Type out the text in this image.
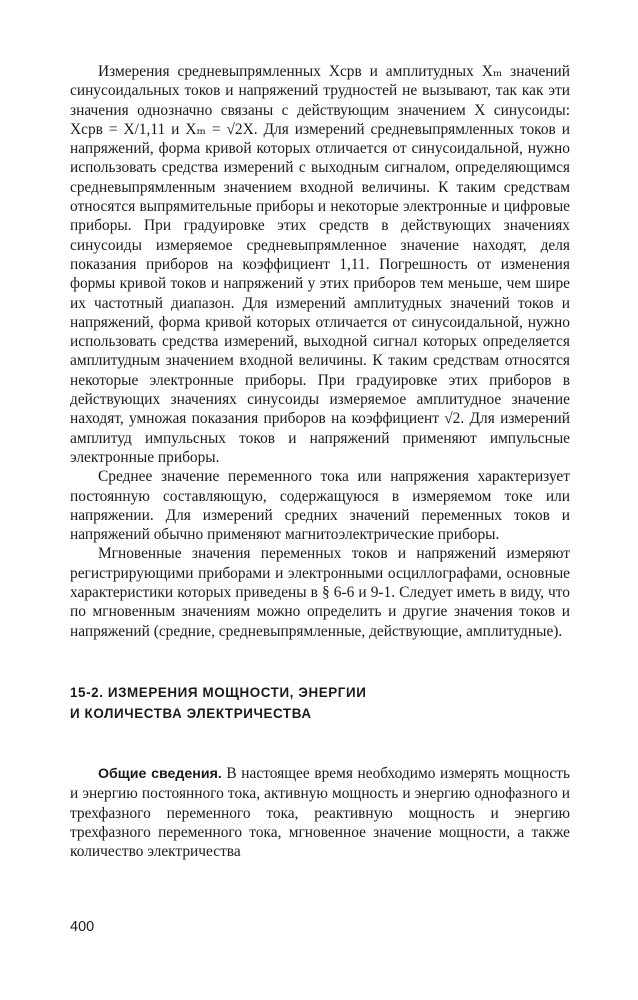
Измерения средневыпрямленных Xсрв и амплитудных Xₘ значений синусоидальных токов и напряжений трудностей не вызывают, так как эти значения однозначно связаны с действующим значением X синусоиды: Xсрв = X/1,11 и Xₘ = √2X. Для измерений средневыпрямленных токов и напряжений, форма кривой которых отличается от синусоидальной, нужно использовать средства измерений с выходным сигналом, определяющимся средневыпрямленным значением входной величины. К таким средствам относятся выпрямительные приборы и некоторые электронные и цифровые приборы. При градуировке этих средств в действующих значениях синусоиды измеряемое средневыпрямленное значение находят, деля показания приборов на коэффициент 1,11. Погрешность от изменения формы кривой токов и напряжений у этих приборов тем меньше, чем шире их частотный диапазон. Для измерений амплитудных значений токов и напряжений, форма кривой которых отличается от синусоидальной, нужно использовать средства измерений, выходной сигнал которых определяется амплитудным значением входной величины. К таким средствам относятся некоторые электронные приборы. При градуировке этих приборов в действующих значениях синусоиды измеряемое амплитудное значение находят, умножая показания приборов на коэффициент √2. Для измерений амплитуд импульсных токов и напряжений применяют импульсные электронные приборы.

Среднее значение переменного тока или напряжения характеризует постоянную составляющую, содержащуюся в измеряемом токе или напряжении. Для измерений средних значений переменных токов и напряжений обычно применяют магнитоэлектрические приборы.

Мгновенные значения переменных токов и напряжений измеряют регистрирующими приборами и электронными осциллографами, основные характеристики которых приведены в § 6-6 и 9-1. Следует иметь в виду, что по мгновенным значениям можно определить и другие значения токов и напряжений (средние, средневыпрямленные, действующие, амплитудные).

15-2. ИЗМЕРЕНИЯ МОЩНОСТИ, ЭНЕРГИИ
И КОЛИЧЕСТВА ЭЛЕКТРИЧЕСТВА

Общие сведения. В настоящее время необходимо измерять мощность и энергию постоянного тока, активную мощность и энергию однофазного и трехфазного переменного тока, реактивную мощность и энергию трехфазного переменного тока, мгновенное значение мощности, а также количество электричества

400
